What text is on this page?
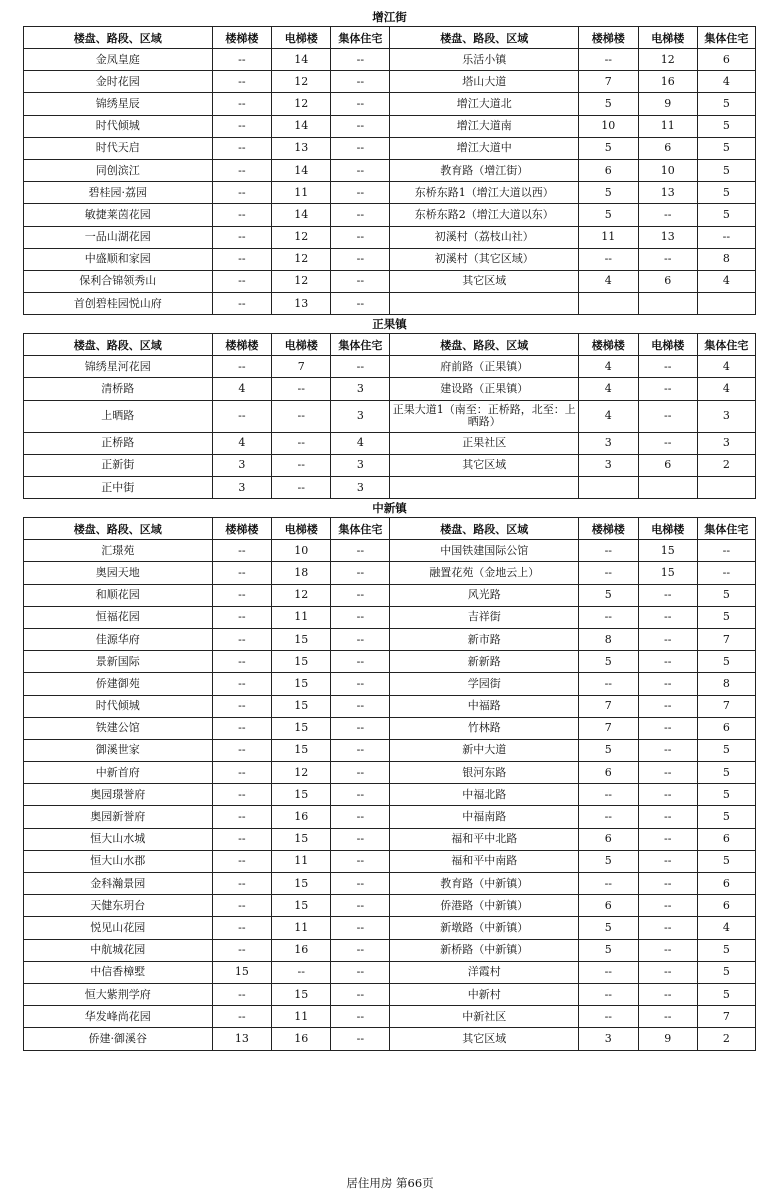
增江街
楼盘、路段、区域	楼梯楼	电梯楼	集体住宅	楼盘、路段、区域	楼梯楼	电梯楼	集体住宅
金凤皇庭	--	14	--	乐活小镇	--	12	6
金时花园	--	12	--	塔山大道	7	16	4
锦绣星辰	--	12	--	增江大道北	5	9	5
时代倾城	--	14	--	增江大道南	10	11	5
时代天启	--	13	--	增江大道中	5	6	5
同创滨江	--	14	--	教育路（增江街）	6	10	5
碧桂园·荔园	--	11	--	东桥东路1（增江大道以西）	5	13	5
敏捷莱茵花园	--	14	--	东桥东路2（增江大道以东）	5	--	5
一品山湖花园	--	12	--	初溪村（荔枝山社）	11	13	--
中盛顺和家园	--	12	--	初溪村（其它区域）	--	--	8
保利合锦领秀山	--	12	--	其它区域	4	6	4
首创碧桂园悦山府	--	13	--				
正果镇
楼盘、路段、区域	楼梯楼	电梯楼	集体住宅	楼盘、路段、区域	楼梯楼	电梯楼	集体住宅
锦绣星河花园	--	7	--	府前路（正果镇）	4	--	4
清桥路	4	--	3	建设路（正果镇）	4	--	4
上晒路	--	--	3	正果大道1（南至：正桥路，北至：上晒路）	4	--	3
正桥路	4	--	4	正果社区	3	--	3
正新街	3	--	3	其它区域	3	6	2
正中街	3	--	3				
中新镇
楼盘、路段、区域	楼梯楼	电梯楼	集体住宅	楼盘、路段、区域	楼梯楼	电梯楼	集体住宅
汇璟苑	--	10	--	中国铁建国际公馆	--	15	--
奥园天地	--	18	--	融置花苑（金地云上）	--	15	--
和顺花园	--	12	--	风光路	5	--	5
恒福花园	--	11	--	吉祥街	--	--	5
佳源华府	--	15	--	新市路	8	--	7
景新国际	--	15	--	新新路	5	--	5
侨建御苑	--	15	--	学园街	--	--	8
时代倾城	--	15	--	中福路	7	--	7
铁建公馆	--	15	--	竹林路	7	--	6
御溪世家	--	15	--	新中大道	5	--	5
中新首府	--	12	--	银河东路	6	--	5
奥园璟誉府	--	15	--	中福北路	--	--	5
奥园新誉府	--	16	--	中福南路	--	--	5
恒大山水城	--	15	--	福和平中北路	6	--	6
恒大山水郡	--	11	--	福和平中南路	5	--	5
金科瀚景园	--	15	--	教育路（中新镇）	--	--	6
天健东玥台	--	15	--	侨港路（中新镇）	6	--	6
悦见山花园	--	11	--	新墩路（中新镇）	5	--	4
中航城花园	--	16	--	新桥路（中新镇）	5	--	5
中信香樟墅	15	--	--	洋霞村	--	--	5
恒大紫荆学府	--	15	--	中新村	--	--	5
华发峰尚花园	--	11	--	中新社区	--	--	7
侨建·御溪谷	13	16	--	其它区域	3	9	2
居住用房 第66页
